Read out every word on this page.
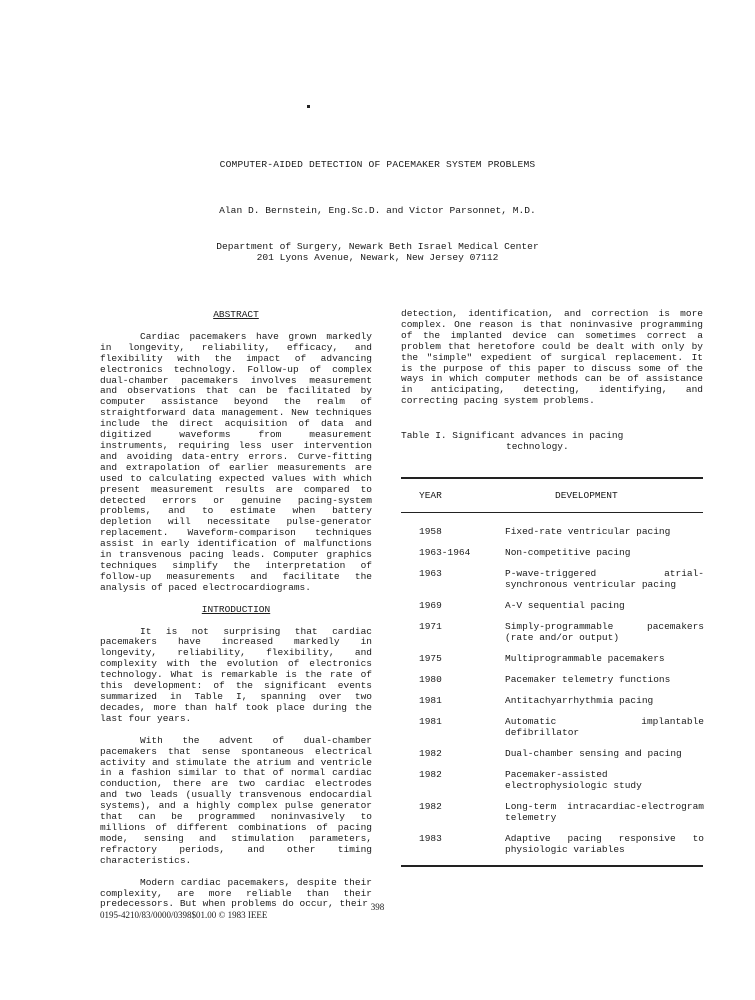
COMPUTER-AIDED DETECTION OF PACEMAKER SYSTEM PROBLEMS
Alan D. Bernstein, Eng.Sc.D. and Victor Parsonnet, M.D.
Department of Surgery, Newark Beth Israel Medical Center
201 Lyons Avenue, Newark, New Jersey 07112
ABSTRACT

Cardiac pacemakers have grown markedly in longevity, reliability, efficacy, and flexibility with the impact of advancing electronics technology. Follow-up of complex dual-chamber pacemakers involves measurement and observations that can be facilitated by computer assistance beyond the realm of straightforward data management. New techniques include the direct acquisition of data and digitized waveforms from measurement instruments, requiring less user intervention and avoiding data-entry errors. Curve-fitting and extrapolation of earlier measurements are used to calculating expected values with which present measurement results are compared to detected errors or genuine pacing-system problems, and to estimate when battery depletion will necessitate pulse-generator replacement. Waveform-comparison techniques assist in early identification of malfunctions in transvenous pacing leads. Computer graphics techniques simplify the interpretation of follow-up measurements and facilitate the analysis of paced electrocardiograms.

INTRODUCTION

It is not surprising that cardiac pacemakers have increased markedly in longevity, reliability, flexibility, and complexity with the evolution of electronics technology. What is remarkable is the rate of this development: of the significant events summarized in Table I, spanning over two decades, more than half took place during the last four years.

With the advent of dual-chamber pacemakers that sense spontaneous electrical activity and stimulate the atrium and ventricle in a fashion similar to that of normal cardiac conduction, there are two cardiac electrodes and two leads (usually transvenous endocardial systems), and a highly complex pulse generator that can be programmed noninvasively to millions of different combinations of pacing mode, sensing and stimulation parameters, refractory periods, and other timing characteristics.

Modern cardiac pacemakers, despite their complexity, are more reliable than their predecessors. But when problems do occur, their

detection, identification, and correction is more complex. One reason is that noninvasive programming of the implanted device can sometimes correct a problem that heretofore could be dealt with only by the "simple" expedient of surgical replacement. It is the purpose of this paper to discuss some of the ways in which computer methods can be of assistance in anticipating, detecting, identifying, and correcting pacing system problems.

Table I. Significant advances in pacing
technology.
YEAR	DEVELOPMENT
1958	Fixed-rate ventricular pacing
1963-1964	Non-competitive pacing
1963	P-wave-triggered atrial-synchronous ventricular pacing
1969	A-V sequential pacing
1971	Simply-programmable pacemakers (rate and/or output)
1975	Multiprogrammable pacemakers
1980	Pacemaker telemetry functions
1981	Antitachyarrhythmia pacing
1981	Automatic implantable defibrillator
1982	Dual-chamber sensing and pacing
1982	Pacemaker-assisted electrophysiologic study
1982	Long-term intracardiac-electrogram telemetry
1983	Adaptive pacing responsive to physiologic variables
398
0195-4210/83/0000/0398$01.00 © 1983 IEEE
